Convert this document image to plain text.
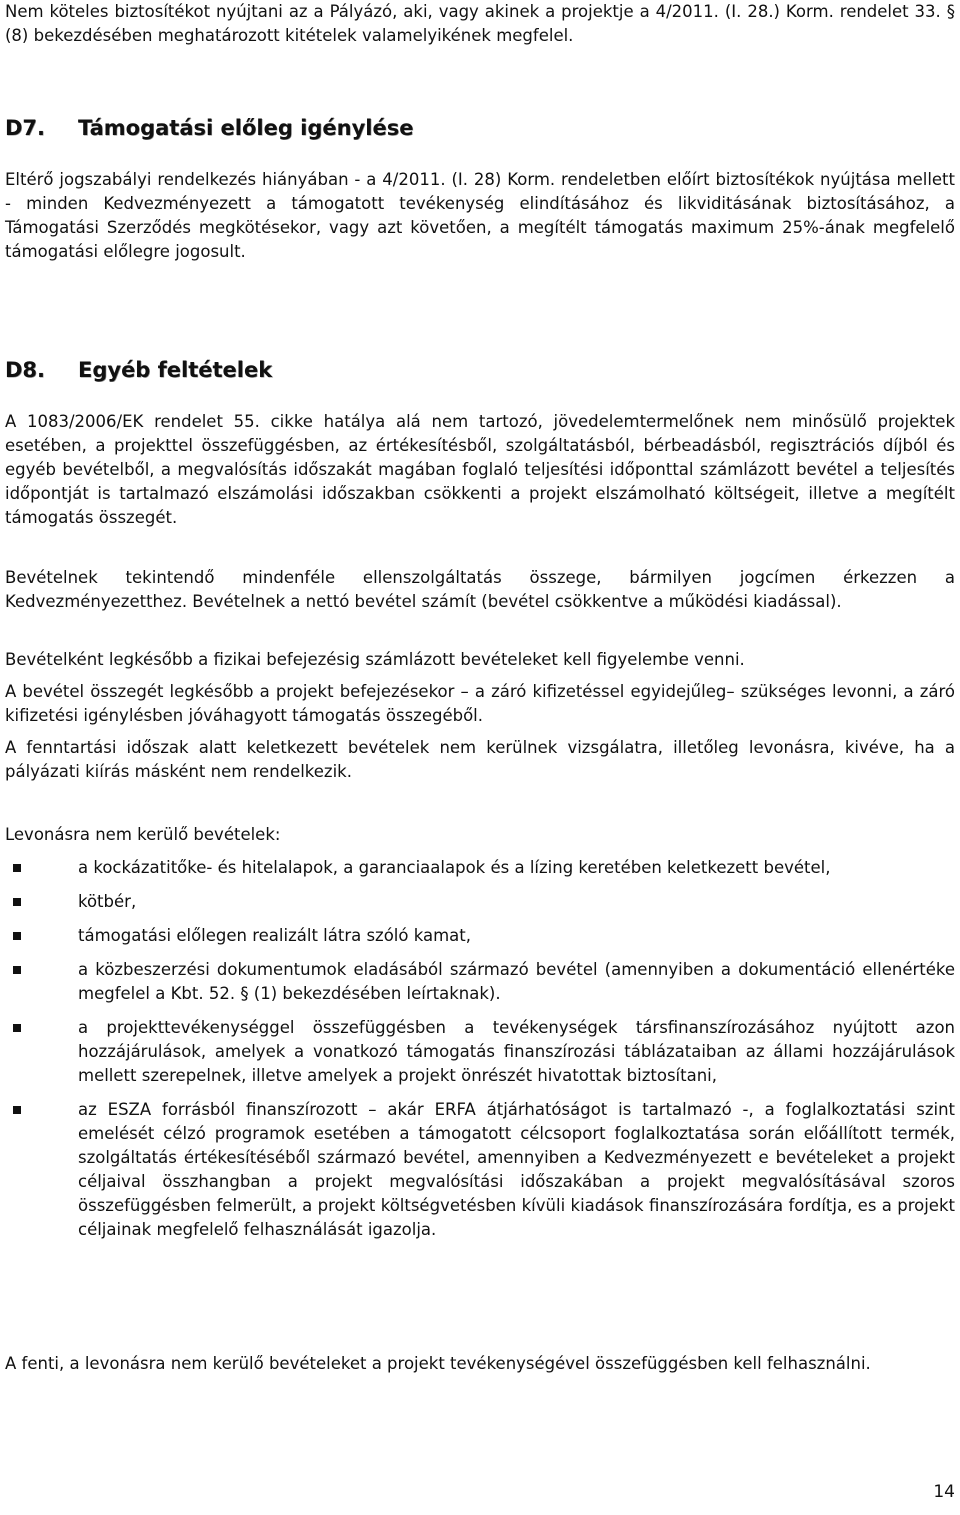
Nem köteles biztosítékot nyújtani az a Pályázó, aki, vagy akinek a projektje a 4/2011. (I. 28.) Korm. rendelet 33. § (8) bekezdésében meghatározott kitételek valamelyikének megfelel.

D7. Támogatási előleg igénylése

Eltérő jogszabályi rendelkezés hiányában - a 4/2011. (I. 28) Korm. rendeletben előírt biztosítékok nyújtása mellett - minden Kedvezményezett a támogatott tevékenység elindításához és likviditásának biztosításához, a Támogatási Szerződés megkötésekor, vagy azt követően, a megítélt támogatás maximum 25%-ának megfelelő támogatási előlegre jogosult.

D8. Egyéb feltételek

A 1083/2006/EK rendelet 55. cikke hatálya alá nem tartozó, jövedelemtermelőnek nem minősülő projektek esetében, a projekttel összefüggésben, az értékesítésből, szolgáltatásból, bérbeadásból, regisztrációs díjból és egyéb bevételből, a megvalósítás időszakát magában foglaló teljesítési időponttal számlázott bevétel a teljesítés időpontját is tartalmazó elszámolási időszakban csökkenti a projekt elszámolható költségeit, illetve a megítélt támogatás összegét.

Bevételnek tekintendő mindenféle ellenszolgáltatás összege, bármilyen jogcímen érkezzen a Kedvezményezetthez. Bevételnek a nettó bevétel számít (bevétel csökkentve a működési kiadással).

Bevételként legkésőbb a fizikai befejezésig számlázott bevételeket kell figyelembe venni.

A bevétel összegét legkésőbb a projekt befejezésekor – a záró kifizetéssel egyidejűleg– szükséges levonni, a záró kifizetési igénylésben jóváhagyott támogatás összegéből.

A fenntartási időszak alatt keletkezett bevételek nem kerülnek vizsgálatra, illetőleg levonásra, kivéve, ha a pályázati kiírás másként nem rendelkezik.

Levonásra nem kerülő bevételek:

a kockázatitőke- és hitelalapok, a garanciaalapok és a lízing keretében keletkezett bevétel,
kötbér,
támogatási előlegen realizált látra szóló kamat,
a közbeszerzési dokumentumok eladásából származó bevétel (amennyiben a dokumentáció ellenértéke megfelel a Kbt. 52. § (1) bekezdésében leírtaknak).
a projekttevékenységgel összefüggésben a tevékenységek társfinanszírozásához nyújtott azon hozzájárulások, amelyek a vonatkozó támogatás finanszírozási táblázataiban az állami hozzájárulások mellett szerepelnek, illetve amelyek a projekt önrészét hivatottak biztosítani,
az ESZA forrásból finanszírozott – akár ERFA átjárhatóságot is tartalmazó -, a foglalkoztatási szint emelését célzó programok esetében a támogatott célcsoport foglalkoztatása során előállított termék, szolgáltatás értékesítéséből származó bevétel, amennyiben a Kedvezményezett e bevételeket a projekt céljaival összhangban a projekt megvalósítási időszakában a projekt megvalósításával szoros összefüggésben felmerült, a projekt költségvetésben kívüli kiadások finanszírozására fordítja, es a projekt céljainak megfelelő felhasználását igazolja.

A fenti, a levonásra nem kerülő bevételeket a projekt tevékenységével összefüggésben kell felhasználni.

14
